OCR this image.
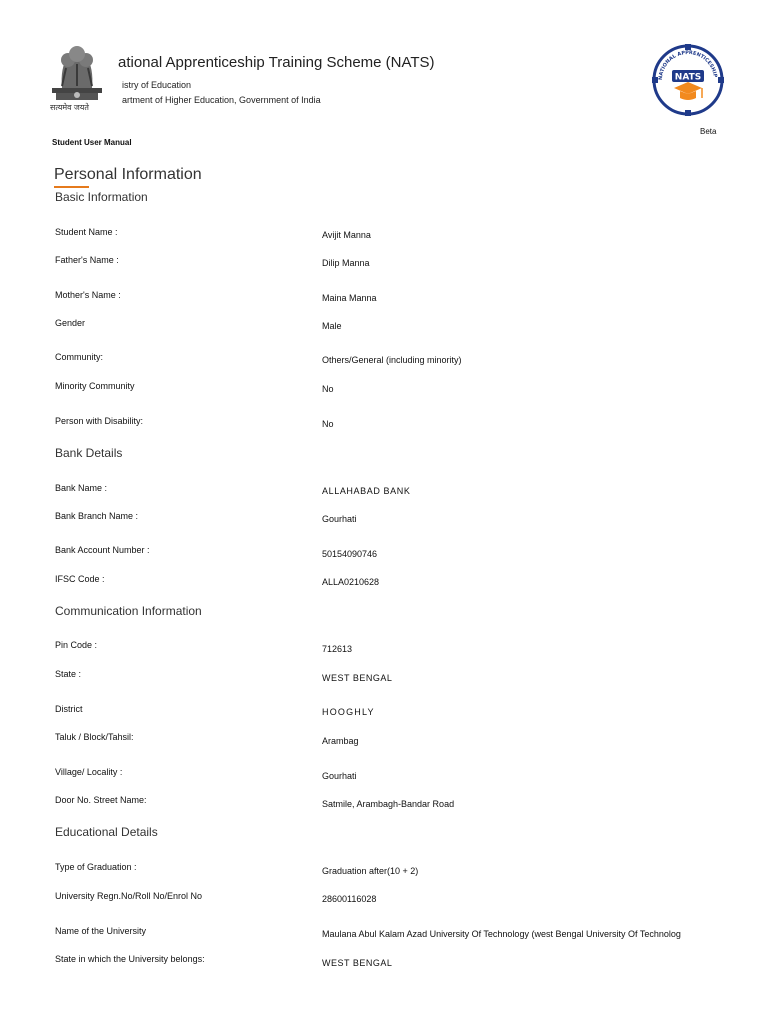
सत्यमेव जयते
ational Apprenticeship Training Scheme (NATS)
istry of Education
artment of Higher Education, Government of India
NATIONAL APPRENTICESHIP
NATS
Student User Manual
Beta
Personal Information
Basic Information
Student Name :	Avijit Manna
Father's Name :	Dilip Manna
Mother's Name :	Maina Manna
Gender	Male
Community:	Others/General (including minority)
Minority Community	No
Person with Disability:	No
Bank Details
Bank Name :	ALLAHABAD BANK
Bank Branch Name :	Gourhati
Bank Account Number :	50154090746
IFSC Code :	ALLA0210628
Communication Information
Pin Code :	712613
State :	WEST BENGAL
District	HOOGHLY
Taluk / Block/Tahsil:	Arambag
Village/ Locality :	Gourhati
Door No. Street Name:	Satmile, Arambagh-Bandar Road
Educational Details
Type of Graduation :	Graduation after(10 + 2)
University Regn.No/Roll No/Enrol No	28600116028
Name of the University	Maulana Abul Kalam Azad University Of Technology (west Bengal University Of Technolog
State in which the University belongs:	WEST BENGAL
